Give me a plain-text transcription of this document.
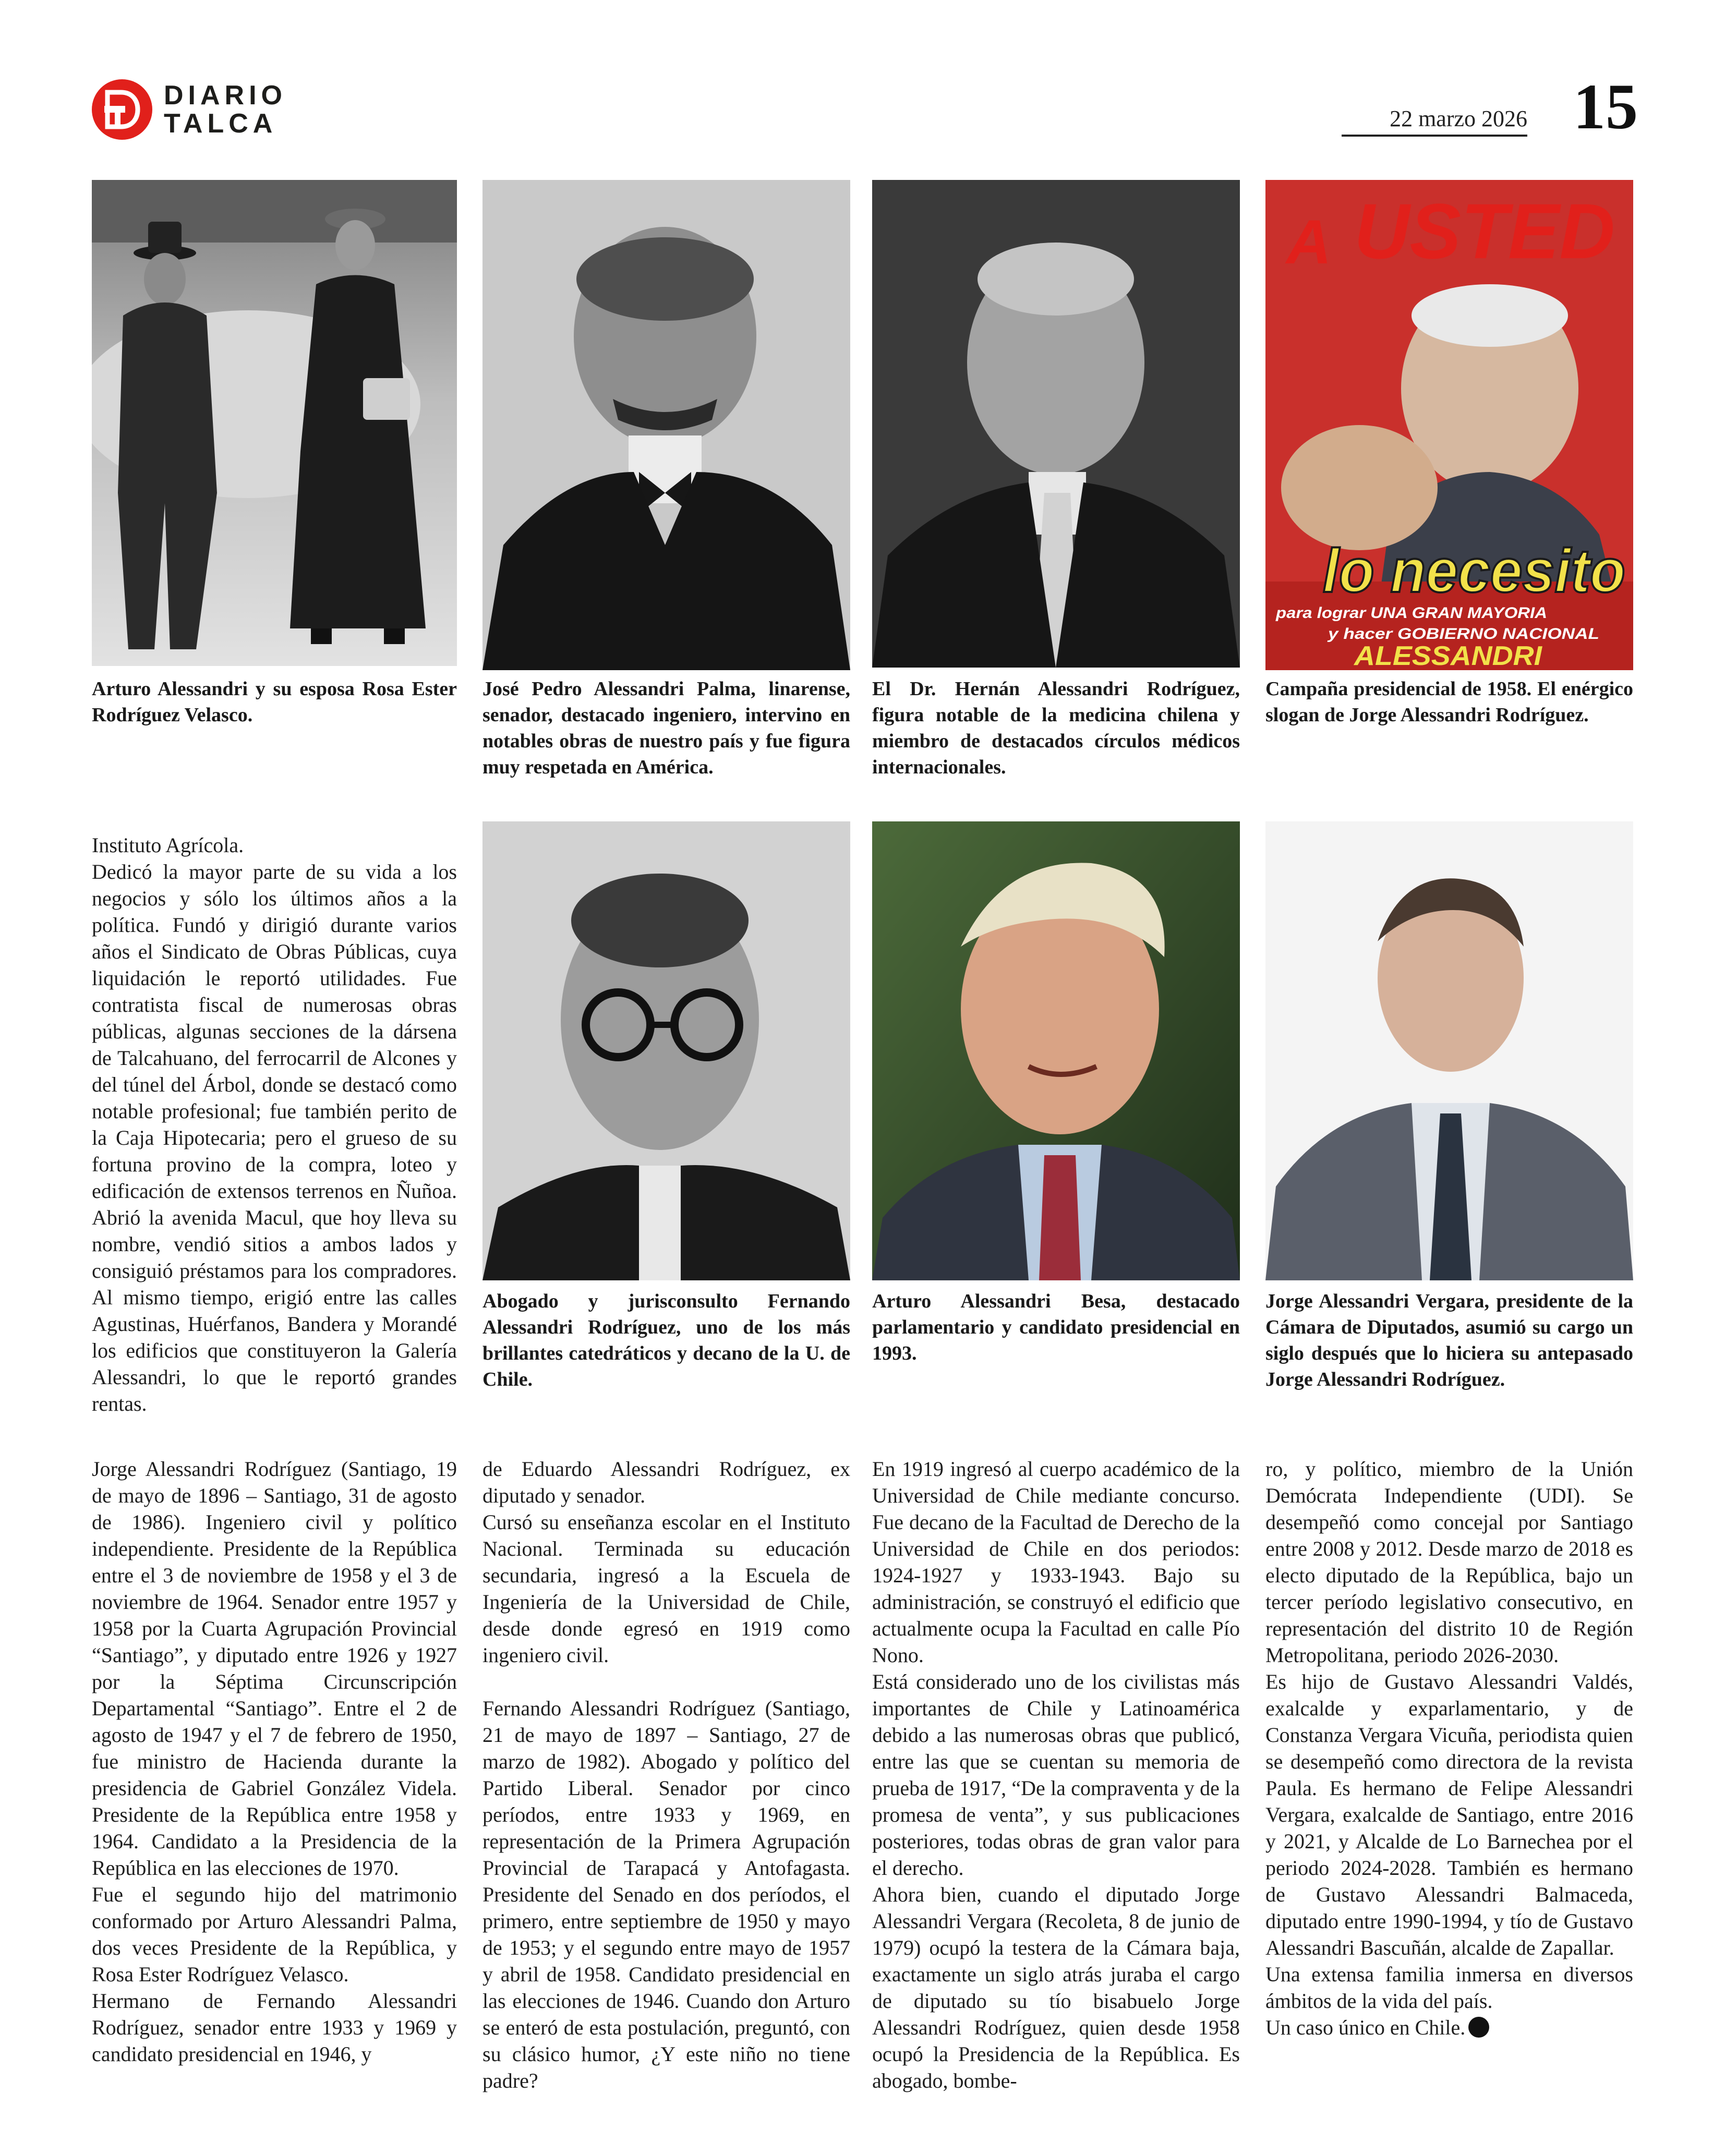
DIARIO
TALCA	22 marzo 2026 15
Arturo Alessandri y su esposa Rosa Ester Rodríguez Velasco.
José Pedro Alessandri Palma, linarense, senador, destacado ingeniero, intervino en notables obras de nuestro país y fue figura muy respetada en América.
El Dr. Hernán Alessandri Rodríguez, figura notable de la medicina chilena y miembro de destacados círculos médicos internacionales.
A USTED
lo necesito
para lograr UNA GRAN MAYORIA
y hacer GOBIERNO NACIONAL
ALESSANDRI
Campaña presidencial de 1958. El enérgico slogan de Jorge Alessandri Rodríguez.

Instituto Agrícola.

Dedicó la mayor parte de su vida a los negocios y sólo los últimos años a la política. Fundó y dirigió durante varios años el Sindicato de Obras Públicas, cuya liquidación le reportó utilidades. Fue contratista fiscal de numerosas obras públicas, algunas secciones de la dársena de Talcahuano, del ferrocarril de Alcones y del túnel del Árbol, donde se destacó como notable profesional; fue también perito de la Caja Hipotecaria; pero el grueso de su fortuna provino de la compra, loteo y edificación de extensos terrenos en Ñuñoa. Abrió la avenida Macul, que hoy lleva su nombre, vendió sitios a ambos lados y consiguió préstamos para los compradores. Al mismo tiempo, erigió entre las calles Agustinas, Huérfanos, Bandera y Morandé los edificios que constituyeron la Galería Alessandri, lo que le reportó grandes rentas.

Abogado y jurisconsulto Fernando Alessandri Rodríguez, uno de los más brillantes catedráticos y decano de la U. de Chile.
Arturo Alessandri Besa, destacado parlamentario y candidato presidencial en 1993.
Jorge Alessandri Vergara, presidente de la Cámara de Diputados, asumió su cargo un siglo después que lo hiciera su antepasado Jorge Alessandri Rodríguez.

Jorge Alessandri Rodríguez (Santiago, 19 de mayo de 1896 – Santiago, 31 de agosto de 1986). Ingeniero civil y político independiente. Presidente de la República entre el 3 de noviembre de 1958 y el 3 de noviembre de 1964. Senador entre 1957 y 1958 por la Cuarta Agrupación Provincial “Santiago”, y diputado entre 1926 y 1927 por la Séptima Circunscripción Departamental “Santiago”. Entre el 2 de agosto de 1947 y el 7 de febrero de 1950, fue ministro de Hacienda durante la presidencia de Gabriel González Videla. Presidente de la República entre 1958 y 1964. Candidato a la Presidencia de la República en las elecciones de 1970.

Fue el segundo hijo del matrimonio conformado por Arturo Alessandri Palma, dos veces Presidente de la República, y Rosa Ester Rodríguez Velasco.

Hermano de Fernando Alessandri Rodríguez, senador entre 1933 y 1969 y candidato presidencial en 1946, y

de Eduardo Alessandri Rodríguez, ex diputado y senador.

Cursó su enseñanza escolar en el Instituto Nacional. Terminada su educación secundaria, ingresó a la Escuela de Ingeniería de la Universidad de Chile, desde donde egresó en 1919 como ingeniero civil.

Fernando Alessandri Rodríguez (Santiago, 21 de mayo de 1897 – Santiago, 27 de marzo de 1982). Abogado y político del Partido Liberal. Senador por cinco períodos, entre 1933 y 1969, en representación de la Primera Agrupación Provincial de Tarapacá y Antofagasta. Presidente del Senado en dos períodos, el primero, entre septiembre de 1950 y mayo de 1953; y el segundo entre mayo de 1957 y abril de 1958. Candidato presidencial en las elecciones de 1946. Cuando don Arturo se enteró de esta postulación, preguntó, con su clásico humor, ¿Y este niño no tiene padre?

En 1919 ingresó al cuerpo académico de la Universidad de Chile mediante concurso. Fue decano de la Facultad de Derecho de la Universidad de Chile en dos periodos: 1924-1927 y 1933-1943. Bajo su administración, se construyó el edificio que actualmente ocupa la Facultad en calle Pío Nono.

Está considerado uno de los civilistas más importantes de Chile y Latinoamérica debido a las numerosas obras que publicó, entre las que se cuentan su memoria de prueba de 1917, “De la compraventa y de la promesa de venta”, y sus publicaciones posteriores, todas obras de gran valor para el derecho.

Ahora bien, cuando el diputado Jorge Alessandri Vergara (Recoleta, 8 de junio de 1979) ocupó la testera de la Cámara baja, exactamente un siglo atrás juraba el cargo de diputado su tío bisabuelo Jorge Alessandri Rodríguez, quien desde 1958 ocupó la Presidencia de la República. Es abogado, bombe-

ro, y político, miembro de la Unión Demócrata Independiente (UDI). Se desempeñó como concejal por Santiago entre 2008 y 2012. Desde marzo de 2018 es electo diputado de la República, bajo un tercer período legislativo consecutivo, en representación del distrito 10 de Región Metropolitana, periodo 2026-2030.

Es hijo de Gustavo Alessandri Valdés, exalcalde y exparlamentario, y de Constanza Vergara Vicuña, periodista quien se desempeñó como directora de la revista Paula. Es hermano de Felipe Alessandri Vergara, exalcalde de Santiago, entre 2016 y 2021, y Alcalde de Lo Barnechea por el periodo 2024-2028. También es hermano de Gustavo Alessandri Balmaceda, diputado entre 1990-1994, y tío de Gustavo Alessandri Bascuñán, alcalde de Zapallar.

Una extensa familia inmersa en diversos ámbitos de la vida del país.

Un caso único en Chile.
